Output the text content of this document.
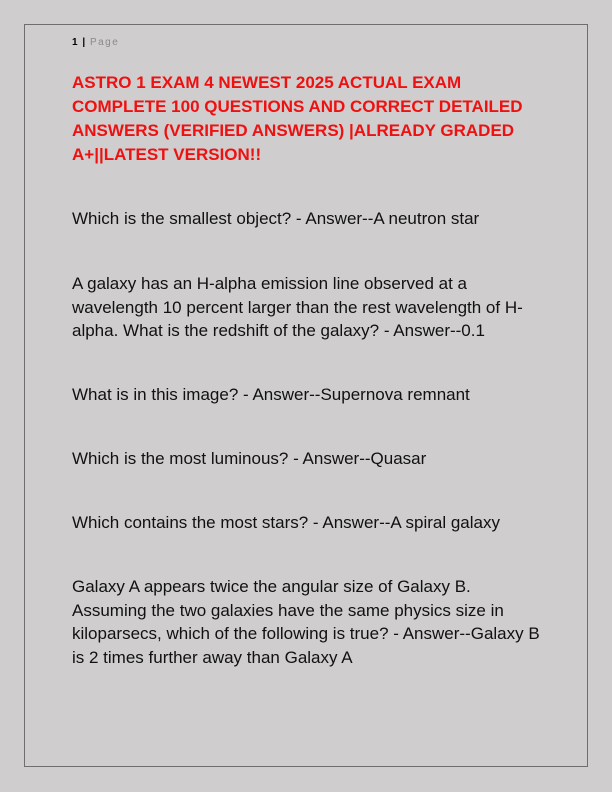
1 | Page
ASTRO 1 EXAM 4 NEWEST 2025 ACTUAL EXAM COMPLETE 100 QUESTIONS AND CORRECT DETAILED ANSWERS (VERIFIED ANSWERS) |ALREADY GRADED A+||LATEST VERSION!!

Which is the smallest object? - Answer--A neutron star

A galaxy has an H-alpha emission line observed at a wavelength 10 percent larger than the rest wavelength of H-alpha. What is the redshift of the galaxy? - Answer--0.1

What is in this image? - Answer--Supernova remnant

Which is the most luminous? - Answer--Quasar

Which contains the most stars? - Answer--A spiral galaxy

Galaxy A appears twice the angular size of Galaxy B. Assuming the two galaxies have the same physics size in kiloparsecs, which of the following is true? - Answer--Galaxy B is 2 times further away than Galaxy A
